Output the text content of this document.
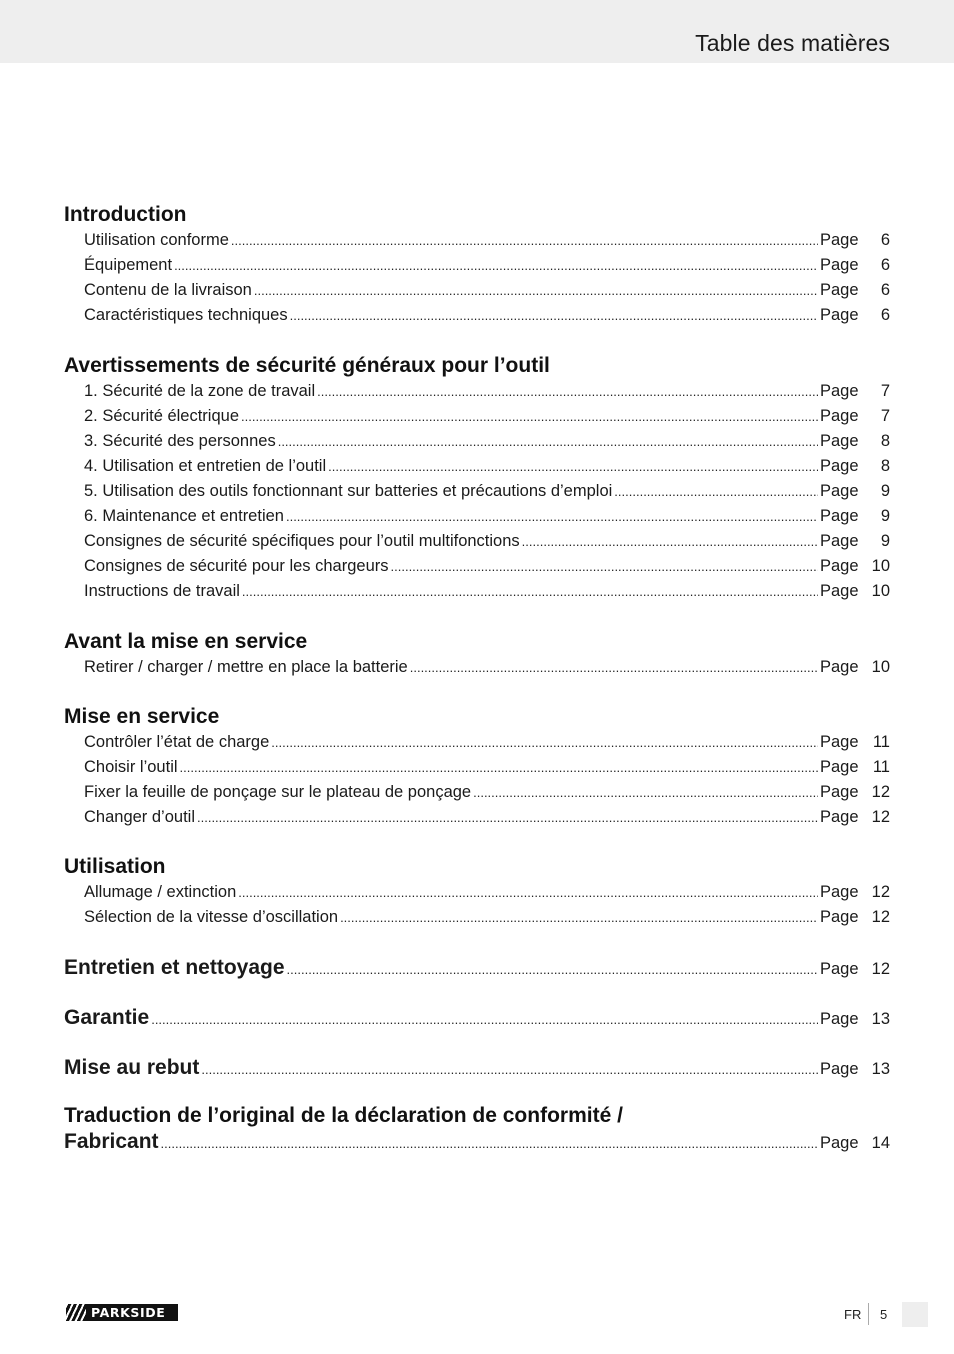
Table des matières
Introduction
Utilisation conforme .....	Page	6
Équipement .....	Page	6
Contenu de la livraison .....	Page	6
Caractéristiques techniques .....	Page	6
Avertissements de sécurité généraux pour l’outil
1. Sécurité de la zone de travail .....	Page	7
2. Sécurité électrique .....	Page	7
3. Sécurité des personnes .....	Page	8
4. Utilisation et entretien de l’outil .....	Page	8
5. Utilisation des outils fonctionnant sur batteries et précautions d’emploi .....	Page	9
6. Maintenance et entretien .....	Page	9
Consignes de sécurité spécifiques pour l’outil multifonctions .....	Page	9
Consignes de sécurité pour les chargeurs .....	Page 10
Instructions de travail .....	Page 10
Avant la mise en service
Retirer / charger / mettre en place la batterie .....	Page 10
Mise en service
Contrôler l’état de charge .....	Page 11
Choisir l’outil .....	Page 11
Fixer la feuille de ponçage sur le plateau de ponçage .....	Page 12
Changer d’outil .....	Page 12
Utilisation
Allumage / extinction .....	Page 12
Sélection de la vitesse d’oscillation .....	Page 12
Entretien et nettoyage .....	Page 12
Garantie .....	Page 13
Mise au rebut .....	Page 13
Traduction de l’original de la déclaration de conformité /
Fabricant .....	Page 14
PARKSIDE	FR 5
